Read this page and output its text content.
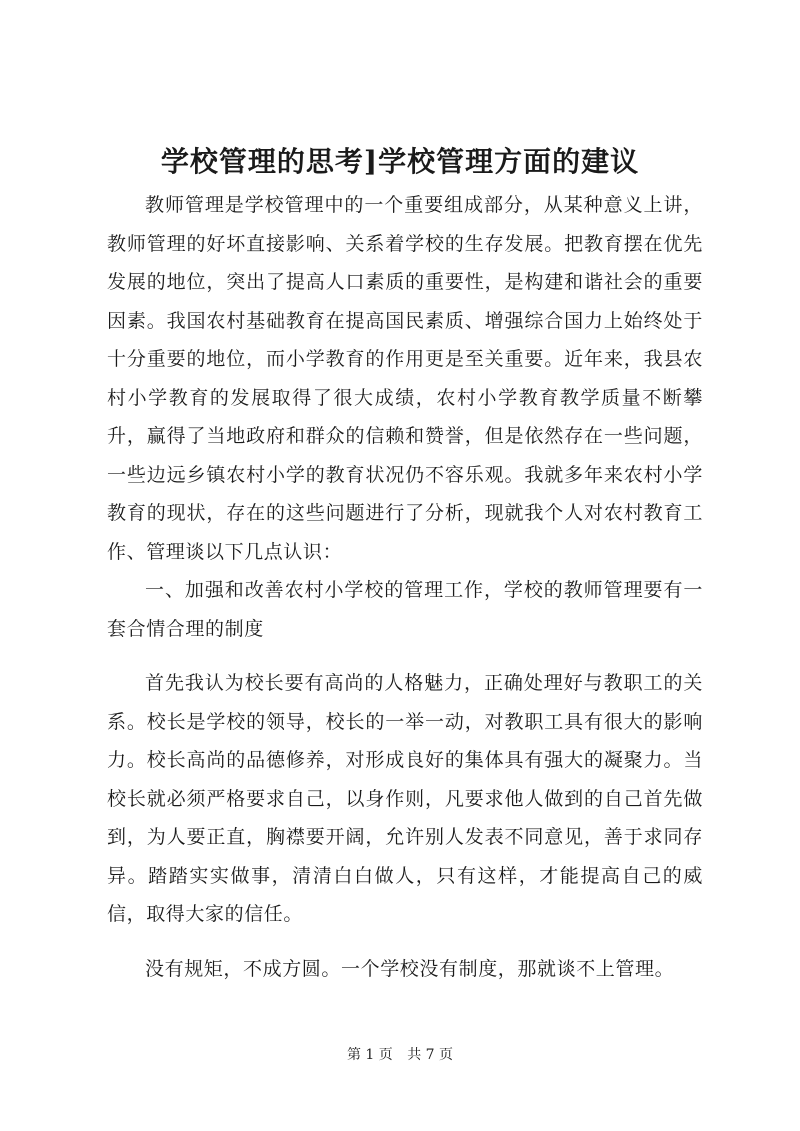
学校管理的思考]学校管理方面的建议

教师管理是学校管理中的一个重要组成部分，从某种意义上讲，教师管理的好坏直接影响、关系着学校的生存发展。把教育摆在优先发展的地位，突出了提高人口素质的重要性，是构建和谐社会的重要因素。我国农村基础教育在提高国民素质、增强综合国力上始终处于十分重要的地位，而小学教育的作用更是至关重要。近年来，我县农村小学教育的发展取得了很大成绩，农村小学教育教学质量不断攀升，赢得了当地政府和群众的信赖和赞誉，但是依然存在一些问题，一些边远乡镇农村小学的教育状况仍不容乐观。我就多年来农村小学教育的现状，存在的这些问题进行了分析，现就我个人对农村教育工作、管理谈以下几点认识：

一、加强和改善农村小学校的管理工作，学校的教师管理要有一套合情合理的制度

首先我认为校长要有高尚的人格魅力，正确处理好与教职工的关系。校长是学校的领导，校长的一举一动，对教职工具有很大的影响力。校长高尚的品德修养，对形成良好的集体具有强大的凝聚力。当校长就必须严格要求自己，以身作则，凡要求他人做到的自己首先做到，为人要正直，胸襟要开阔，允许别人发表不同意见，善于求同存异。踏踏实实做事，清清白白做人，只有这样，才能提高自己的威信，取得大家的信任。

没有规矩，不成方圆。一个学校没有制度，那就谈不上管理。

第 1 页 共 7 页
